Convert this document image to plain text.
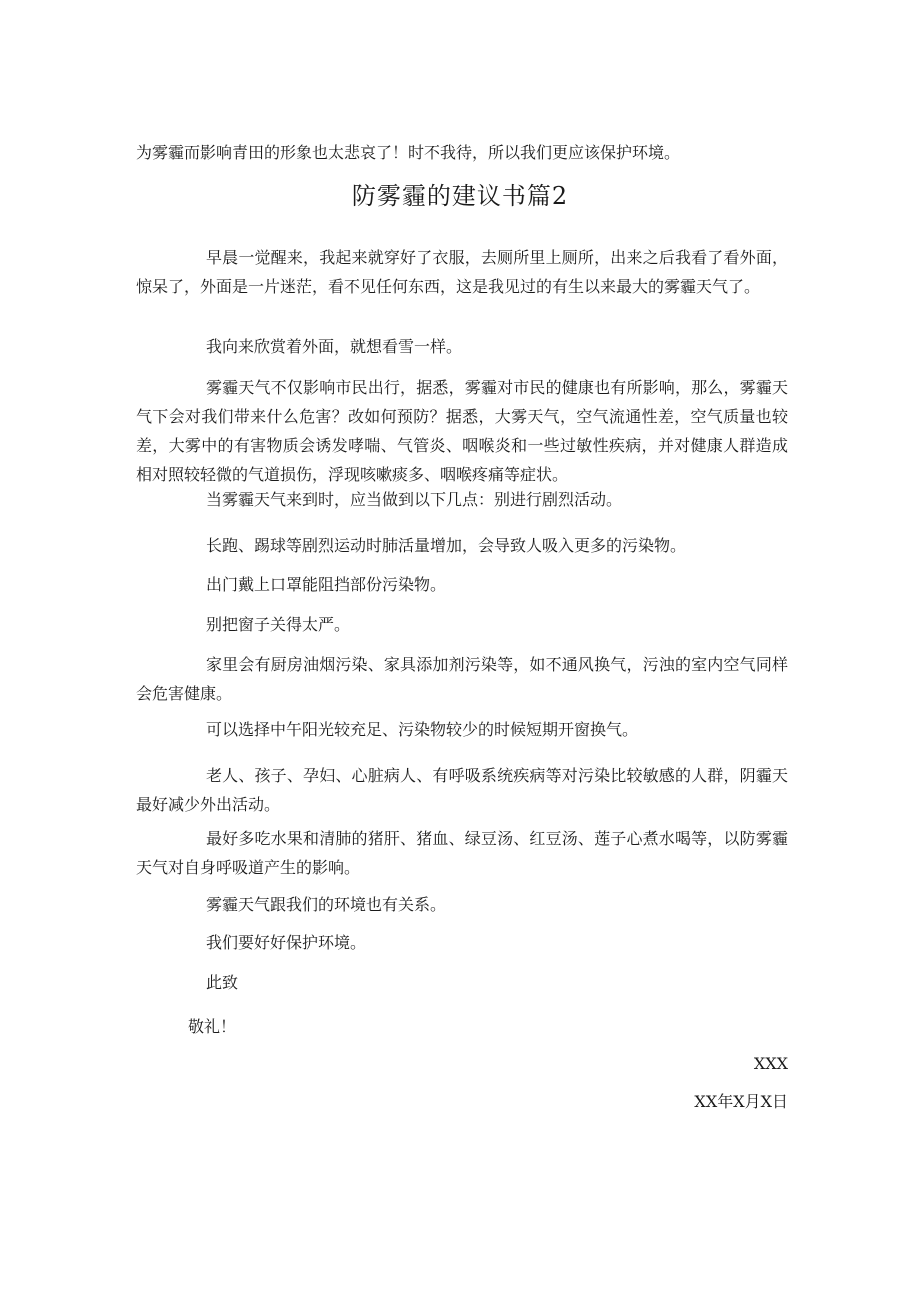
为雾霾而影响青田的形象也太悲哀了！时不我待，所以我们更应该保护环境。
防雾霾的建议书篇2
早晨一觉醒来，我起来就穿好了衣服，去厕所里上厕所，出来之后我看了看外面，惊呆了，外面是一片迷茫，看不见任何东西，这是我见过的有生以来最大的雾霾天气了。
我向来欣赏着外面，就想看雪一样。
雾霾天气不仅影响市民出行，据悉，雾霾对市民的健康也有所影响，那么，雾霾天气下会对我们带来什么危害？改如何预防？据悉，大雾天气，空气流通性差，空气质量也较差，大雾中的有害物质会诱发哮喘、气管炎、咽喉炎和一些过敏性疾病，并对健康人群造成相对照较轻微的气道损伤，浮现咳嗽痰多、咽喉疼痛等症状。
当雾霾天气来到时，应当做到以下几点：别进行剧烈活动。
长跑、踢球等剧烈运动时肺活量增加，会导致人吸入更多的污染物。
出门戴上口罩能阻挡部份污染物。
别把窗子关得太严。
家里会有厨房油烟污染、家具添加剂污染等，如不通风换气，污浊的室内空气同样会危害健康。
可以选择中午阳光较充足、污染物较少的时候短期开窗换气。
老人、孩子、孕妇、心脏病人、有呼吸系统疾病等对污染比较敏感的人群，阴霾天最好减少外出活动。
最好多吃水果和清肺的猪肝、猪血、绿豆汤、红豆汤、莲子心煮水喝等，以防雾霾天气对自身呼吸道产生的影响。
雾霾天气跟我们的环境也有关系。
我们要好好保护环境。
此致
敬礼！
XXX
XX年X月X日
